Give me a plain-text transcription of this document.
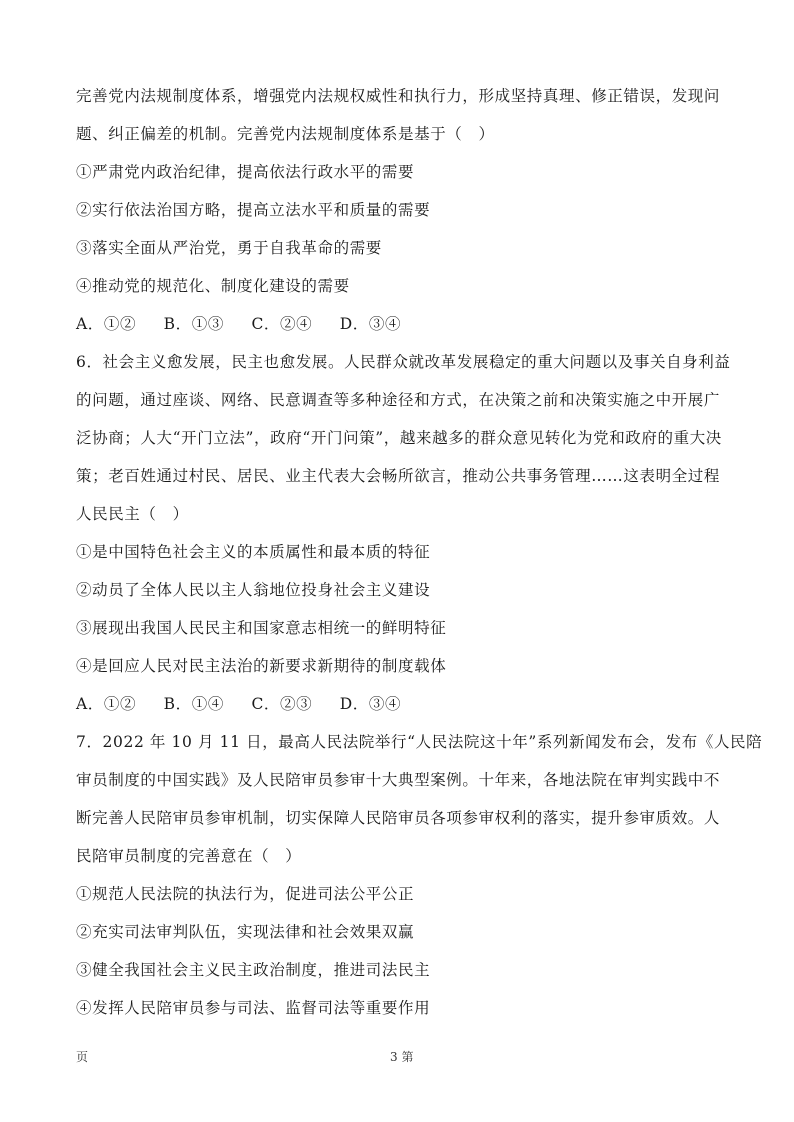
完善党内法规制度体系，增强党内法规权威性和执行力，形成坚持真理、修正错误，发现问
题、纠正偏差的机制。完善党内法规制度体系是基于（　）
①严肃党内政治纪律，提高依法行政水平的需要
②实行依法治国方略，提高立法水平和质量的需要
③落实全面从严治党，勇于自我革命的需要
④推动党的规范化、制度化建设的需要
A．①② B．①③ C．②④ D．③④
6．社会主义愈发展，民主也愈发展。人民群众就改革发展稳定的重大问题以及事关自身利益
的问题，通过座谈、网络、民意调查等多种途径和方式，在决策之前和决策实施之中开展广
泛协商；人大“开门立法”，政府“开门问策”，越来越多的群众意见转化为党和政府的重大决
策；老百姓通过村民、居民、业主代表大会畅所欲言，推动公共事务管理……这表明全过程
人民民主（　）
①是中国特色社会主义的本质属性和最本质的特征
②动员了全体人民以主人翁地位投身社会主义建设
③展现出我国人民民主和国家意志相统一的鲜明特征
④是回应人民对民主法治的新要求新期待的制度载体
A．①② B．①④ C．②③ D．③④
7．2022 年 10 月 11 日，最高人民法院举行“人民法院这十年”系列新闻发布会，发布《人民陪
审员制度的中国实践》及人民陪审员参审十大典型案例。十年来，各地法院在审判实践中不
断完善人民陪审员参审机制，切实保障人民陪审员各项参审权利的落实，提升参审质效。人
民陪审员制度的完善意在（　）
①规范人民法院的执法行为，促进司法公平公正
②充实司法审判队伍，实现法律和社会效果双赢
③健全我国社会主义民主政治制度，推进司法民主
④发挥人民陪审员参与司法、监督司法等重要作用
页	3 第
